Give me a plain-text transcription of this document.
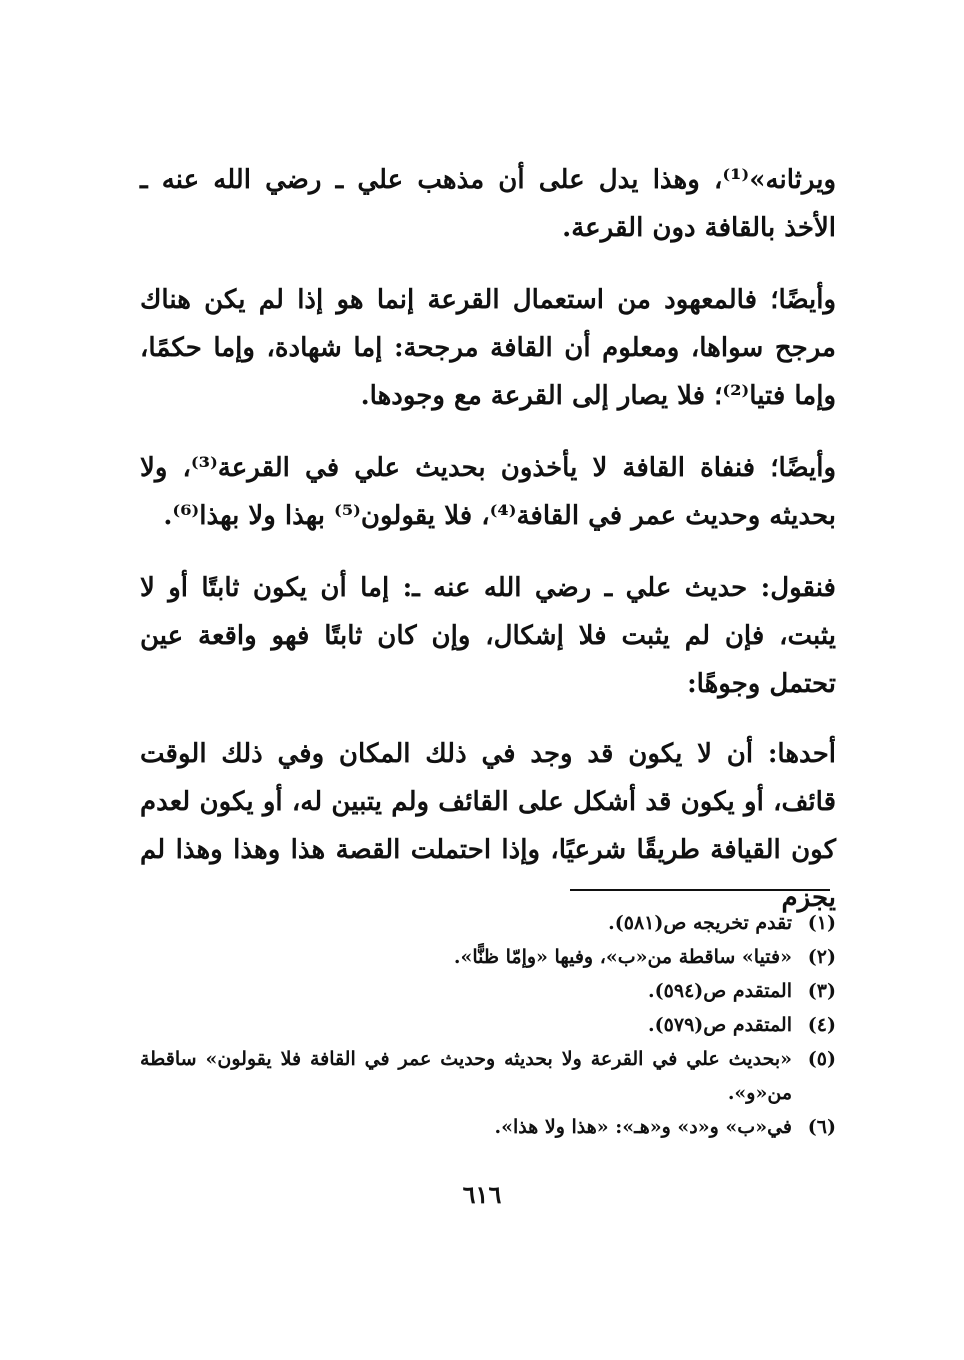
ويرثانه»⁽¹⁾، وهذا يدل على أن مذهب علي ـ رضي الله عنه ـ الأخذ بالقافة دون القرعة.

وأيضًا؛ فالمعهود من استعمال القرعة إنما هو إذا لم يكن هناك مرجح سواها، ومعلوم أن القافة مرجحة: إما شهادة، وإما حكمًا، وإما فتيا⁽²⁾؛ فلا يصار إلى القرعة مع وجودها.

وأيضًا؛ فنفاة القافة لا يأخذون بحديث علي في القرعة⁽³⁾، ولا بحديثه وحديث عمر في القافة⁽⁴⁾، فلا يقولون⁽⁵⁾ بهذا ولا بهذا⁽⁶⁾.

فنقول: حديث علي ـ رضي الله عنه ـ: إما أن يكون ثابتًا أو لا يثبت، فإن لم يثبت فلا إشكال، وإن كان ثابتًا فهو واقعة عين تحتمل وجوهًا:

أحدها: أن لا يكون قد وجد في ذلك المكان وفي ذلك الوقت قائف، أو يكون قد أشكل على القائف ولم يتبين له، أو يكون لعدم كون القيافة طريقًا شرعيًا، وإذا احتملت القصة هذا وهذا وهذا لم يجزم

(١)
تقدم تخريجه ص(٥٨١).
(٢)
«فتيا» ساقطة من«ب»، وفيها «وإمّا ظنًّا».
(٣)
المتقدم ص(٥٩٤).
(٤)
المتقدم ص(٥٧٩).
(٥)
«بحديث علي في القرعة ولا بحديثه وحديث عمر في القافة فلا يقولون» ساقطة من«و».
(٦)
في«ب» و«د» و«هـ»: «هذا ولا هذا».
٦١٦
